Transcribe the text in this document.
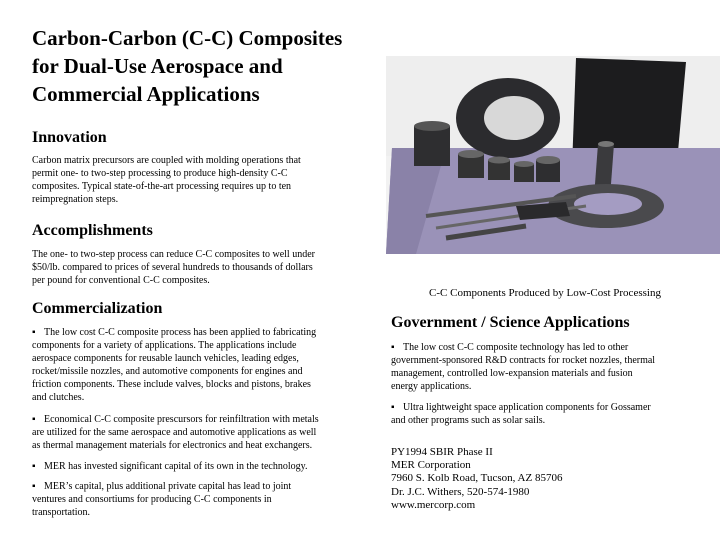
Carbon-Carbon (C-C) Composites
for Dual-Use Aerospace and
Commercial Applications
Innovation

Carbon matrix precursors are coupled with molding operations that
permit one- to two-step processing to produce high-density C-C
composites. Typical state-of-the-art processing requires up to ten
reimpregnation steps.

Accomplishments

The one- to two-step process can reduce C-C composites to well under
$50/lb. compared to prices of several hundreds to thousands of dollars
per pound for conventional C-C composites.

Commercialization

▪ The low cost C-C composite process has been applied to fabricating
components for a variety of applications. The applications include
aerospace components for reusable launch vehicles, leading edges,
rocket/missile nozzles, and automotive components for engines and
friction components. These include valves, blocks and pistons, brakes
and clutches.

▪ Economical C-C composite prescursors for reinfiltration with metals
are utilized for the same aerospace and automotive applications as well
as thermal management materials for electronics and heat exchangers.

▪ MER has invested significant capital of its own in the technology.

▪ MER’s capital, plus additional private capital has lead to joint
ventures and consortiums for producing C-C components in
transportation.

C-C Components Produced by Low-Cost Processing
Government / Science Applications

▪ The low cost C-C composite technology has led to other
government-sponsored R&D contracts for rocket nozzles, thermal
management, controlled low-expansion materials and fusion
energy applications.

▪ Ultra lightweight space application components for Gossamer
and other programs such as solar sails.

PY1994 SBIR Phase II

MER Corporation

7960 S. Kolb Road, Tucson, AZ 85706

Dr. J.C. Withers, 520-574-1980

www.mercorp.com
